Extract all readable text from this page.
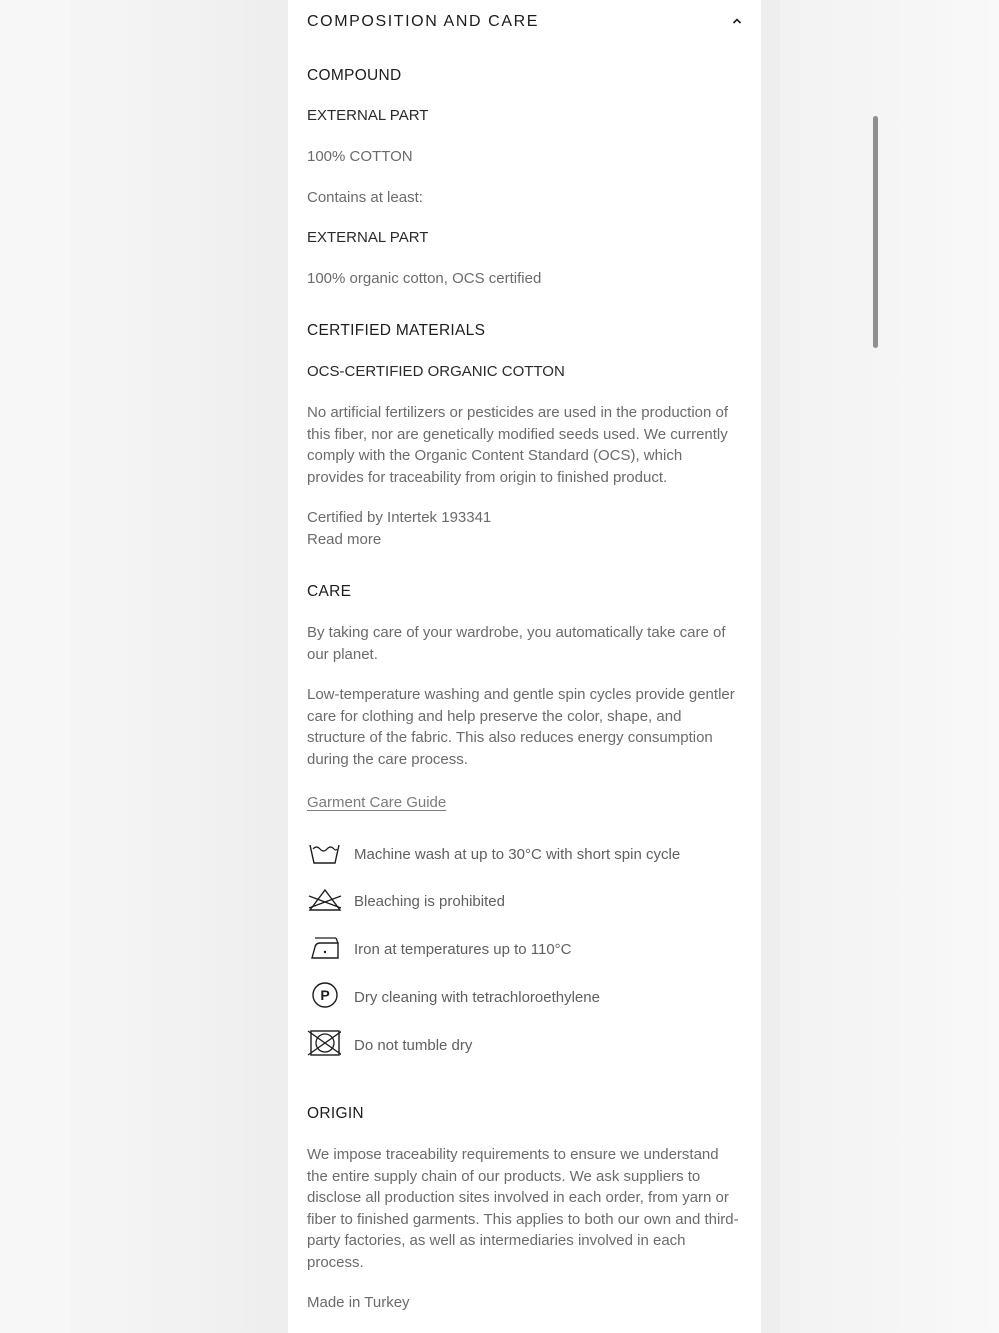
COMPOSITION AND CARE

COMPOUND

EXTERNAL PART

100% COTTON

Contains at least:

EXTERNAL PART

100% organic cotton, OCS certified

CERTIFIED MATERIALS

OCS-CERTIFIED ORGANIC COTTON

No artificial fertilizers or pesticides are used in the production of this fiber, nor are genetically modified seeds used. We currently comply with the Organic Content Standard (OCS), which provides for traceability from origin to finished product.

Certified by Intertek 193341

Read more

CARE

By taking care of your wardrobe, you automatically take care of our planet.

Low-temperature washing and gentle spin cycles provide gentler care for clothing and help preserve the color, shape, and structure of the fabric. This also reduces energy consumption during the care process.

Garment Care Guide
Machine wash at up to 30°C with short spin cycle
Bleaching is prohibited
Iron at temperatures up to 110°C
P Dry cleaning with tetrachloroethylene
Do not tumble dry

ORIGIN

We impose traceability requirements to ensure we understand the entire supply chain of our products. We ask suppliers to disclose all production sites involved in each order, from yarn or fiber to finished garments. This applies to both our own and third-party factories, as well as intermediaries involved in each process.

Made in Turkey
